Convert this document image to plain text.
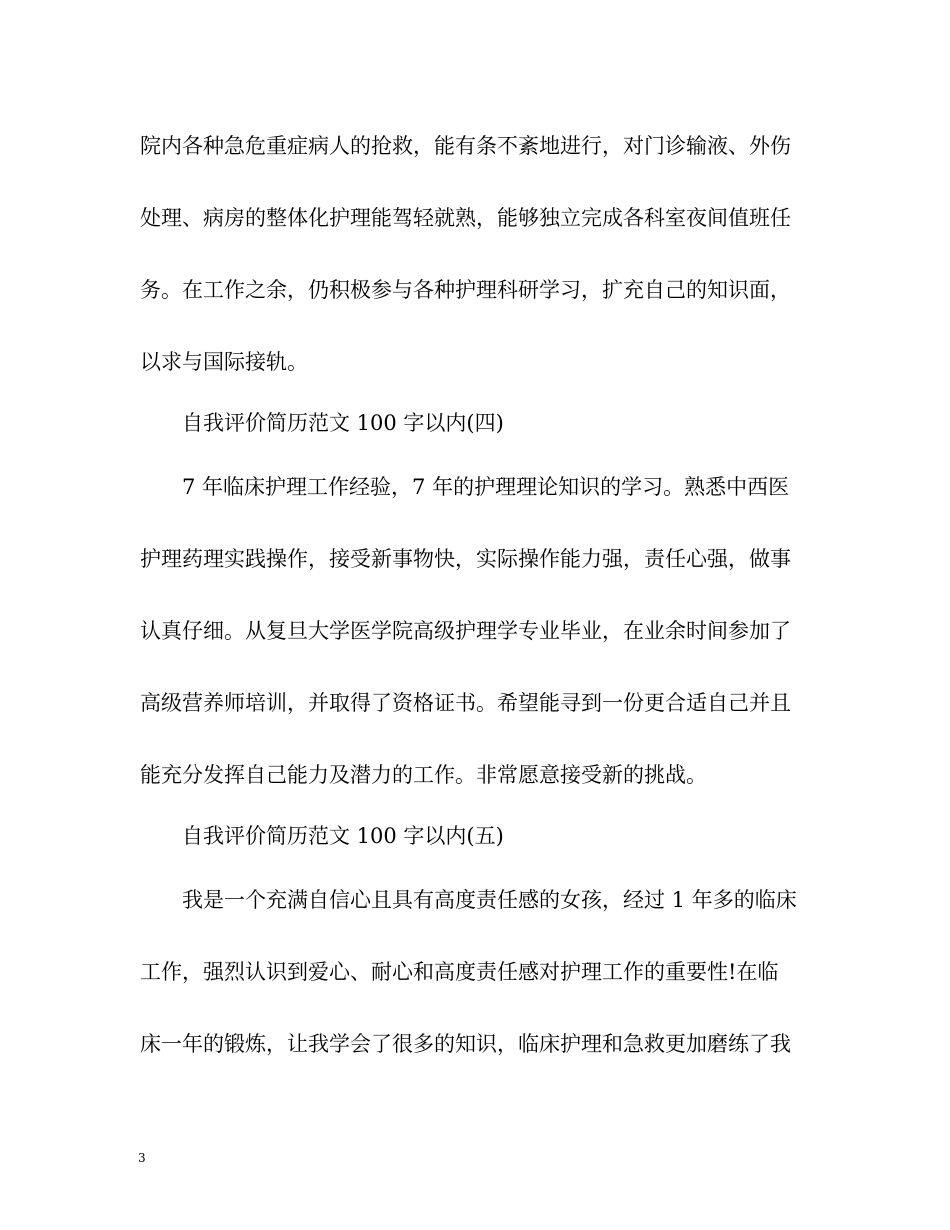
院内各种急危重症病人的抢救，能有条不紊地进行，对门诊输液、外伤

处理、病房的整体化护理能驾轻就熟，能够独立完成各科室夜间值班任

务。在工作之余，仍积极参与各种护理科研学习，扩充自己的知识面，

以求与国际接轨。

自我评价简历范文 100 字以内(四)

7 年临床护理工作经验，7 年的护理理论知识的学习。熟悉中西医

护理药理实践操作，接受新事物快，实际操作能力强，责任心强，做事

认真仔细。从复旦大学医学院高级护理学专业毕业，在业余时间参加了

高级营养师培训，并取得了资格证书。希望能寻到一份更合适自己并且

能充分发挥自己能力及潜力的工作。非常愿意接受新的挑战。

自我评价简历范文 100 字以内(五)

我是一个充满自信心且具有高度责任感的女孩，经过 1 年多的临床

工作，强烈认识到爱心、耐心和高度责任感对护理工作的重要性!在临

床一年的锻炼，让我学会了很多的知识，临床护理和急救更加磨练了我

3
